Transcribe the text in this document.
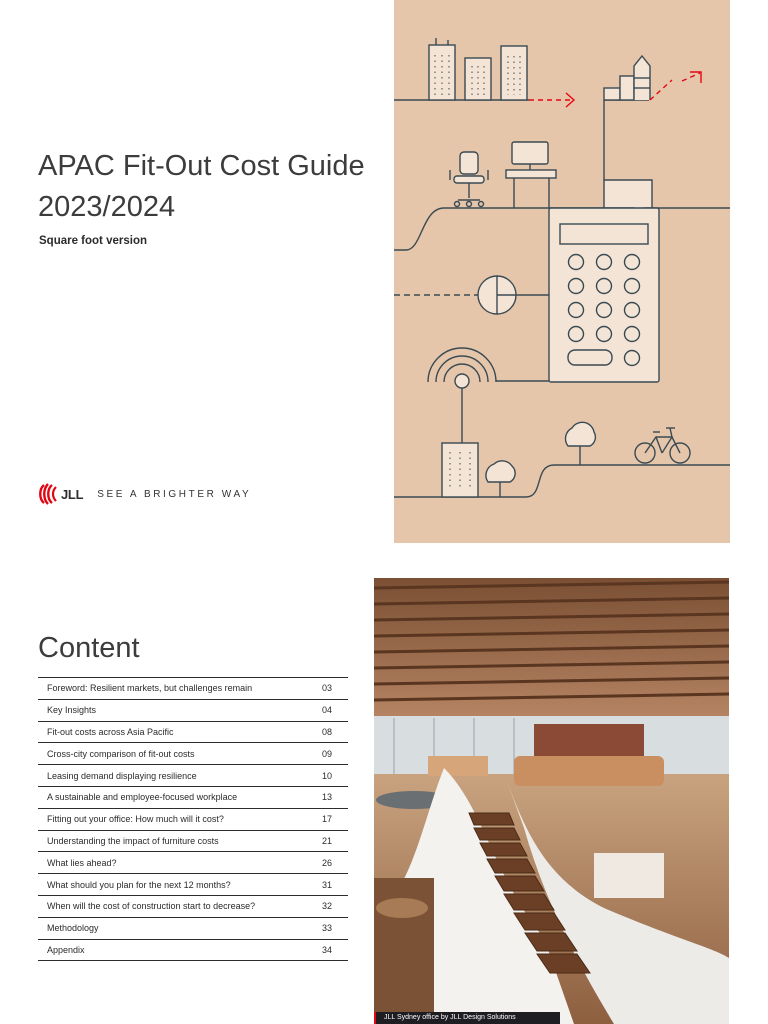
APAC Fit-Out Cost Guide
2023/2024
Square foot version
JLL SEE A BRIGHTER WAY
Content
Foreword: Resilient markets, but challenges remain	03
Key Insights	04
Fit-out costs across Asia Pacific	08
Cross-city comparison of fit-out costs	09
Leasing demand displaying resilience	10
A sustainable and employee-focused workplace	13
Fitting out your office: How much will it cost?	17
Understanding the impact of furniture costs	21
What lies ahead?	26
What should you plan for the next 12 months?	31
When will the cost of construction start to decrease?	32
Methodology	33
Appendix	34
JLL Sydney office by JLL Design Solutions
